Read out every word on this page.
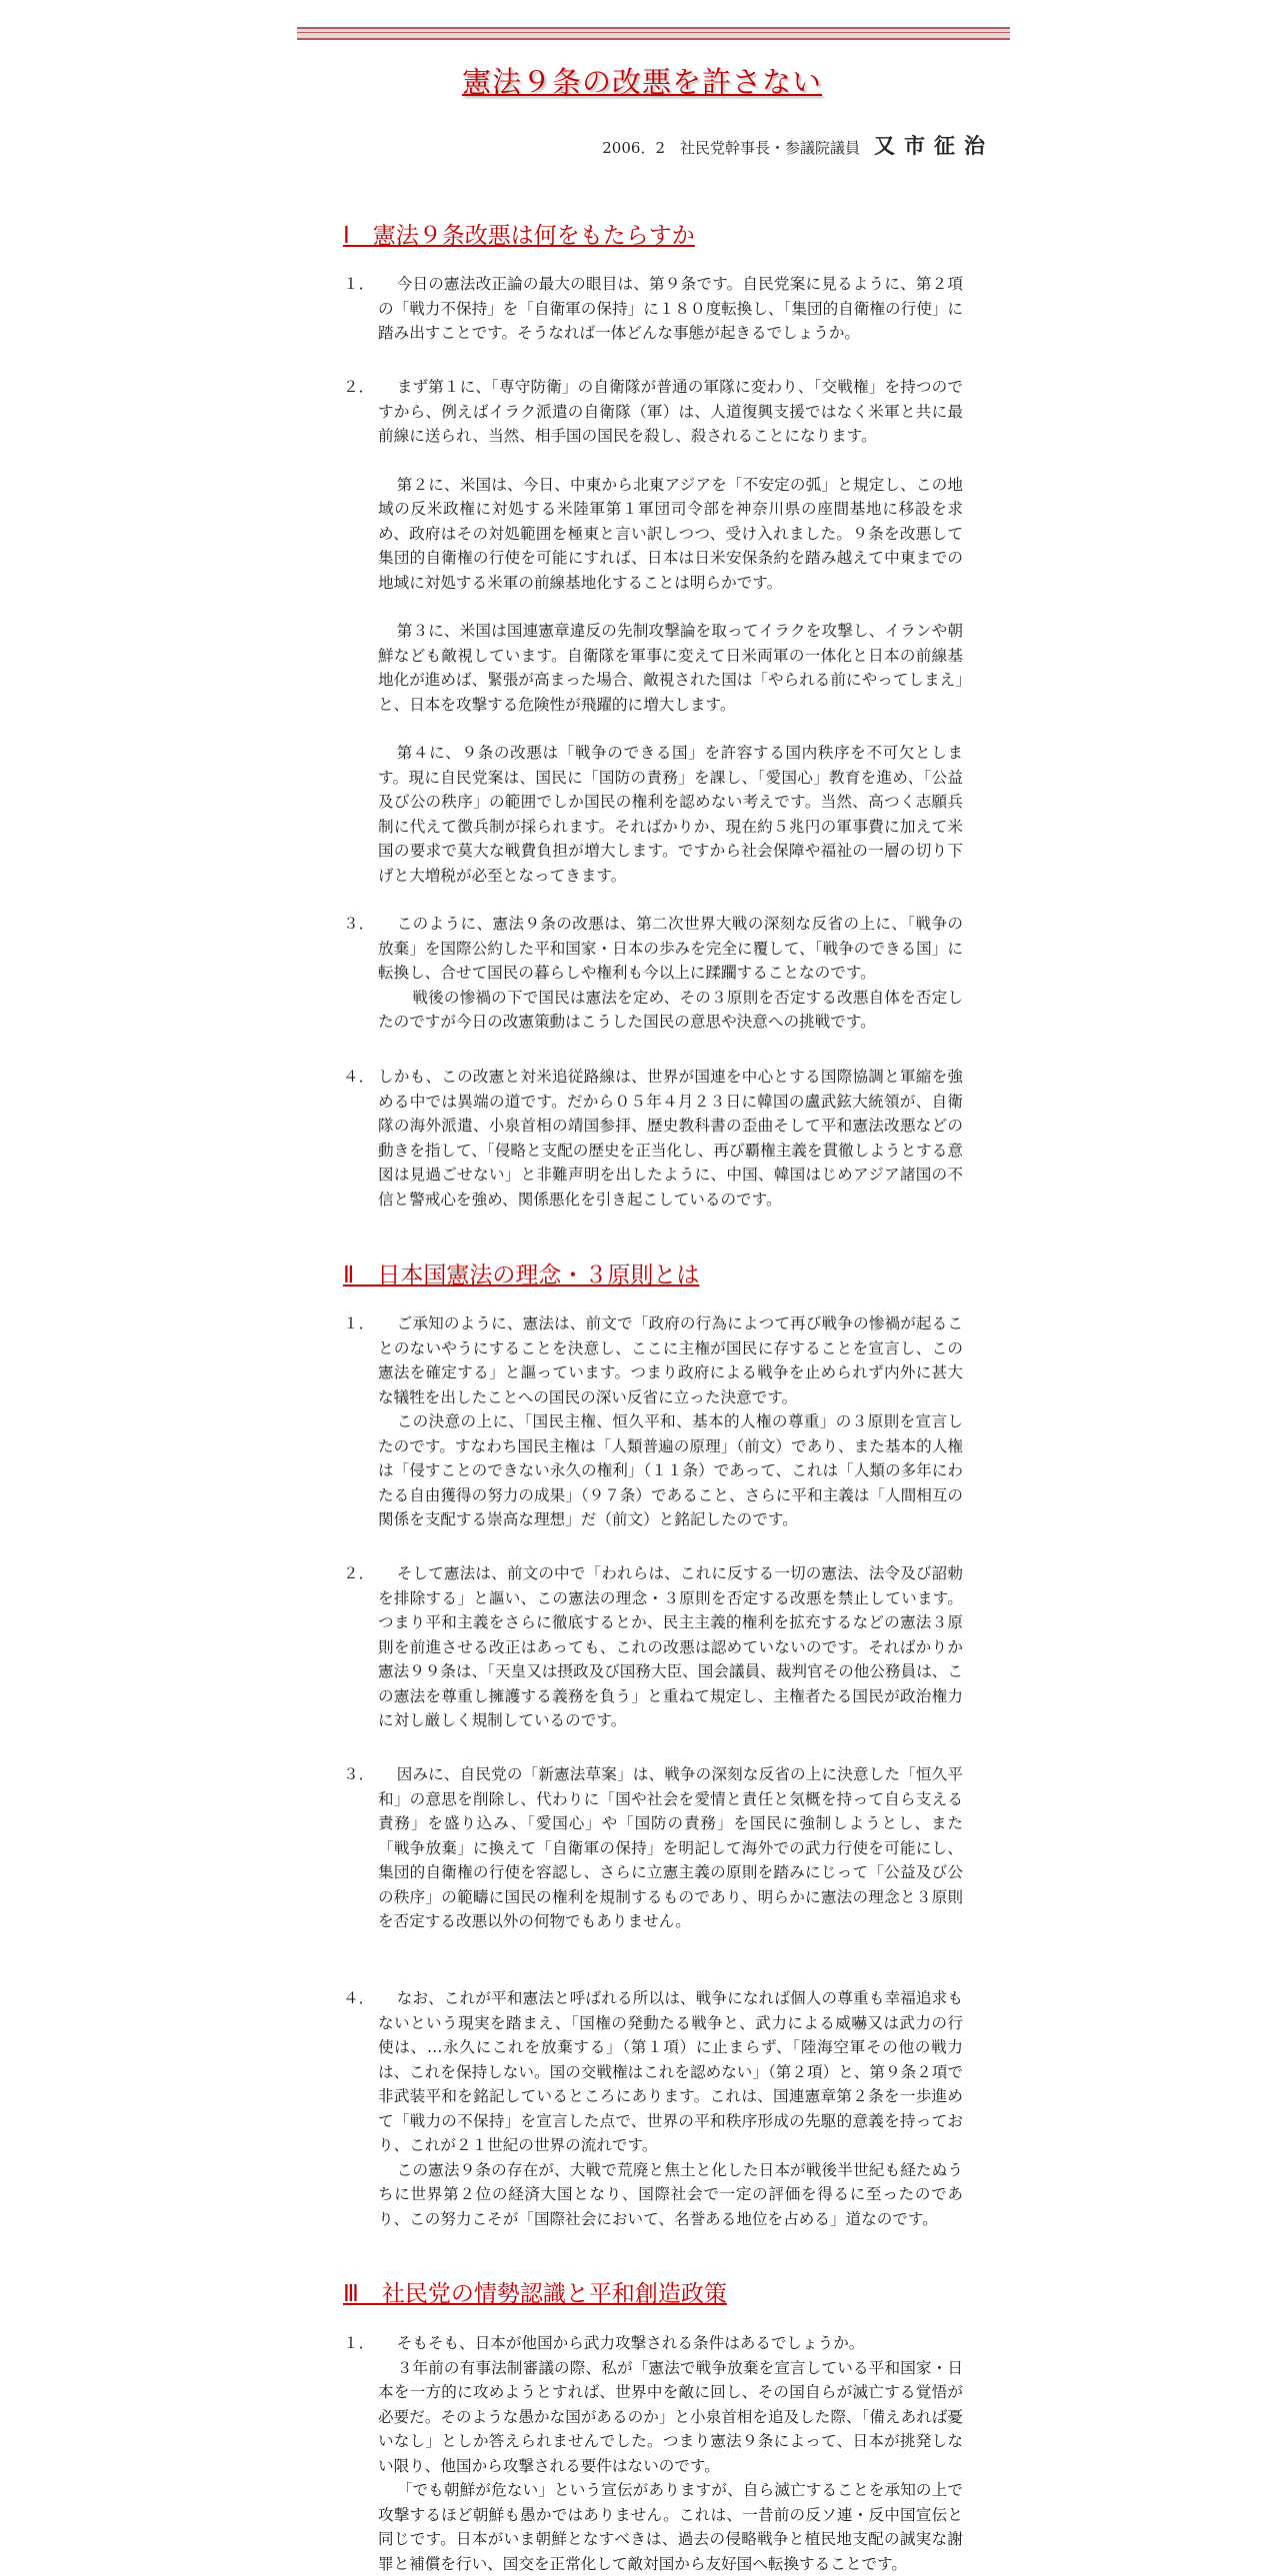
憲法９条の改悪を許さない
2006．2　社民党幹事長・参議院議員 又市征治
Ⅰ　憲法９条改悪は何をもたらすか
１．	今日の憲法改正論の最大の眼目は、第９条です。自民党案に見るように、第２項の「戦力不保持」を「自衛軍の保持」に１８０度転換し、「集団的自衛権の行使」に踏み出すことです。そうなれば一体どんな事態が起きるでしょうか。

２．	まず第１に、「専守防衛」の自衛隊が普通の軍隊に変わり、「交戦権」を持つのですから、例えばイラク派遣の自衛隊（軍）は、人道復興支援ではなく米軍と共に最前線に送られ、当然、相手国の国民を殺し、殺されることになります。

第２に、米国は、今日、中東から北東アジアを「不安定の弧」と規定し、この地域の反米政権に対処する米陸軍第１軍団司令部を神奈川県の座間基地に移設を求め、政府はその対処範囲を極東と言い訳しつつ、受け入れました。９条を改悪して集団的自衛権の行使を可能にすれば、日本は日米安保条約を踏み越えて中東までの地域に対処する米軍の前線基地化することは明らかです。

第３に、米国は国連憲章違反の先制攻撃論を取ってイラクを攻撃し、イランや朝鮮なども敵視しています。自衛隊を軍事に変えて日米両軍の一体化と日本の前線基地化が進めば、緊張が高まった場合、敵視された国は「やられる前にやってしまえ」と、日本を攻撃する危険性が飛躍的に増大します。

第４に、９条の改悪は「戦争のできる国」を許容する国内秩序を不可欠とします。現に自民党案は、国民に「国防の責務」を課し、「愛国心」教育を進め、「公益及び公の秩序」の範囲でしか国民の権利を認めない考えです。当然、高つく志願兵制に代えて徴兵制が採られます。そればかりか、現在約５兆円の軍事費に加えて米国の要求で莫大な戦費負担が増大します。ですから社会保障や福祉の一層の切り下げと大増税が必至となってきます。

３．	このように、憲法９条の改悪は、第二次世界大戦の深刻な反省の上に、「戦争の放棄」を国際公約した平和国家・日本の歩みを完全に覆して、「戦争のできる国」に転換し、合せて国民の暮らしや権利も今以上に蹂躙することなのです。

戦後の惨禍の下で国民は憲法を定め、その３原則を否定する改悪自体を否定したのですが今日の改憲策動はこうした国民の意思や決意への挑戦です。

４． しかも、この改憲と対米追従路線は、世界が国連を中心とする国際協調と軍縮を強める中では異端の道です。だから０５年４月２３日に韓国の盧武鉉大統領が、自衛隊の海外派遣、小泉首相の靖国参拝、歴史教科書の歪曲そして平和憲法改悪などの動きを指して、「侵略と支配の歴史を正当化し、再び覇権主義を貫徹しようとする意図は見過ごせない」と非難声明を出したように、中国、韓国はじめアジア諸国の不信と警戒心を強め、関係悪化を引き起こしているのです。

Ⅱ　日本国憲法の理念・３原則とは
１．	ご承知のように、憲法は、前文で「政府の行為によつて再び戦争の惨禍が起ることのないやうにすることを決意し、ここに主権が国民に存することを宣言し、この憲法を確定する」と謳っています。つまり政府による戦争を止められず内外に甚大な犠牲を出したことへの国民の深い反省に立った決意です。

この決意の上に、「国民主権、恒久平和、基本的人権の尊重」の３原則を宣言したのです。すなわち国民主権は「人類普遍の原理」（前文）であり、また基本的人権は「侵すことのできない永久の権利」（１１条）であって、これは「人類の多年にわたる自由獲得の努力の成果」（９７条）であること、さらに平和主義は「人間相互の関係を支配する崇高な理想」だ（前文）と銘記したのです。

２．	そして憲法は、前文の中で「われらは、これに反する一切の憲法、法令及び詔勅を排除する」と謳い、この憲法の理念・３原則を否定する改悪を禁止しています。つまり平和主義をさらに徹底するとか、民主主義的権利を拡充するなどの憲法３原則を前進させる改正はあっても、これの改悪は認めていないのです。そればかりか憲法９９条は、「天皇又は摂政及び国務大臣、国会議員、裁判官その他公務員は、この憲法を尊重し擁護する義務を負う」と重ねて規定し、主権者たる国民が政治権力に対し厳しく規制しているのです。

３．	因みに、自民党の「新憲法草案」は、戦争の深刻な反省の上に決意した「恒久平和」の意思を削除し、代わりに「国や社会を愛情と責任と気概を持って自ら支える責務」を盛り込み、「愛国心」や「国防の責務」を国民に強制しようとし、また「戦争放棄」に換えて「自衛軍の保持」を明記して海外での武力行使を可能にし、集団的自衛権の行使を容認し、さらに立憲主義の原則を踏みにじって「公益及び公の秩序」の範疇に国民の権利を規制するものであり、明らかに憲法の理念と３原則を否定する改悪以外の何物でもありません。

４．	なお、これが平和憲法と呼ばれる所以は、戦争になれば個人の尊重も幸福追求もないという現実を踏まえ、「国権の発動たる戦争と、武力による威嚇又は武力の行使は、…永久にこれを放棄する」（第１項）に止まらず、「陸海空軍その他の戦力は、これを保持しない。国の交戦権はこれを認めない」（第２項）と、第９条２項で非武装平和を銘記しているところにあります。これは、国連憲章第２条を一歩進めて「戦力の不保持」を宣言した点で、世界の平和秩序形成の先駆的意義を持っており、これが２１世紀の世界の流れです。

この憲法９条の存在が、大戦で荒廃と焦土と化した日本が戦後半世紀も経たぬうちに世界第２位の経済大国となり、国際社会で一定の評価を得るに至ったのであり、この努力こそが「国際社会において、名誉ある地位を占める」道なのです。

Ⅲ　社民党の情勢認識と平和創造政策
１．	そもそも、日本が他国から武力攻撃される条件はあるでしょうか。

３年前の有事法制審議の際、私が「憲法で戦争放棄を宣言している平和国家・日本を一方的に攻めようとすれば、世界中を敵に回し、その国自らが滅亡する覚悟が必要だ。そのような愚かな国があるのか」と小泉首相を追及した際、「備えあれば憂いなし」としか答えられませんでした。つまり憲法９条によって、日本が挑発しない限り、他国から攻撃される要件はないのです。

「でも朝鮮が危ない」という宣伝がありますが、自ら滅亡することを承知の上で攻撃するほど朝鮮も愚かではありません。これは、一昔前の反ソ連・反中国宣伝と同じです。日本がいま朝鮮となすべきは、過去の侵略戦争と植民地支配の誠実な謝罪と補償を行い、国交を正常化して敵対国から友好国へ転換することです。
